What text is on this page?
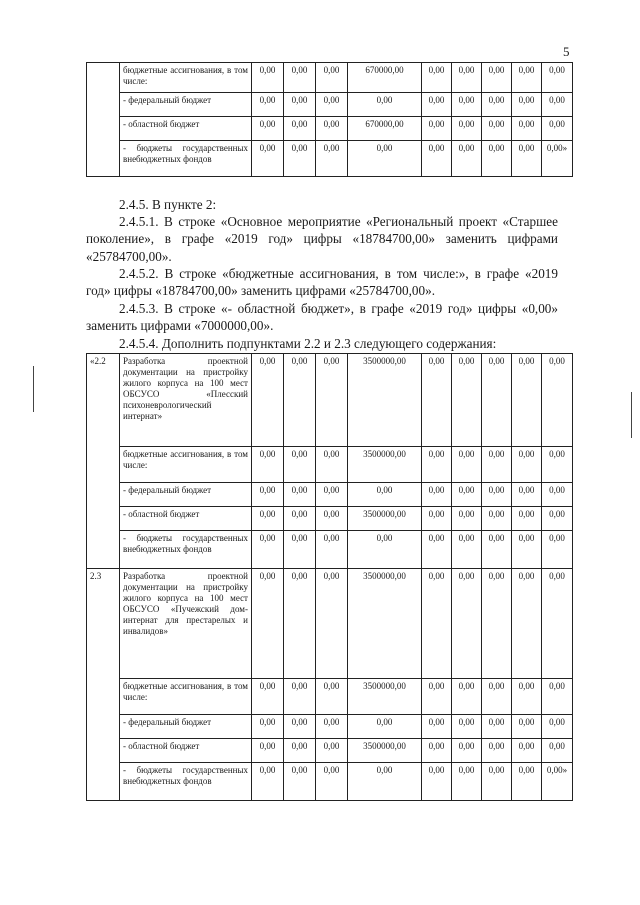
5
	бюджетные ассигнования, в том числе:	0,00	0,00	0,00	670000,00	0,00	0,00	0,00	0,00	0,00
	- федеральный бюджет	0,00	0,00	0,00	0,00	0,00	0,00	0,00	0,00	0,00
	- областной бюджет	0,00	0,00	0,00	670000,00	0,00	0,00	0,00	0,00	0,00
	- бюджеты государственных внебюджетных фондов	0,00	0,00	0,00	0,00	0,00	0,00	0,00	0,00	0,00»
2.4.5. В пункте 2:
2.4.5.1. В строке «Основное мероприятие «Региональный проект «Старшее поколение», в графе «2019 год» цифры «18784700,00» заменить цифрами «25784700,00».
2.4.5.2. В строке «бюджетные ассигнования, в том числе:», в графе «2019 год» цифры «18784700,00» заменить цифрами «25784700,00».
2.4.5.3. В строке «- областной бюджет», в графе «2019 год» цифры «0,00» заменить цифрами «7000000,00».
2.4.5.4. Дополнить подпунктами 2.2 и 2.3 следующего содержания:
«2.2	Разработка проектной документации на пристройку жилого корпуса на 100 мест ОБСУСО «Плесский психоневрологический интернат»	0,00	0,00	0,00	3500000,00	0,00	0,00	0,00	0,00	0,00
	бюджетные ассигнования, в том числе:	0,00	0,00	0,00	3500000,00	0,00	0,00	0,00	0,00	0,00
	- федеральный бюджет	0,00	0,00	0,00	0,00	0,00	0,00	0,00	0,00	0,00
	- областной бюджет	0,00	0,00	0,00	3500000,00	0,00	0,00	0,00	0,00	0,00
	- бюджеты государственных внебюджетных фондов	0,00	0,00	0,00	0,00	0,00	0,00	0,00	0,00	0,00
2.3	Разработка проектной документации на пристройку жилого корпуса на 100 мест ОБСУСО «Пучежский дом-интернат для престарелых и инвалидов»	0,00	0,00	0,00	3500000,00	0,00	0,00	0,00	0,00	0,00
	бюджетные ассигнования, в том числе:	0,00	0,00	0,00	3500000,00	0,00	0,00	0,00	0,00	0,00
	- федеральный бюджет	0,00	0,00	0,00	0,00	0,00	0,00	0,00	0,00	0,00
	- областной бюджет	0,00	0,00	0,00	3500000,00	0,00	0,00	0,00	0,00	0,00
	- бюджеты государственных внебюджетных фондов	0,00	0,00	0,00	0,00	0,00	0,00	0,00	0,00	0,00»
